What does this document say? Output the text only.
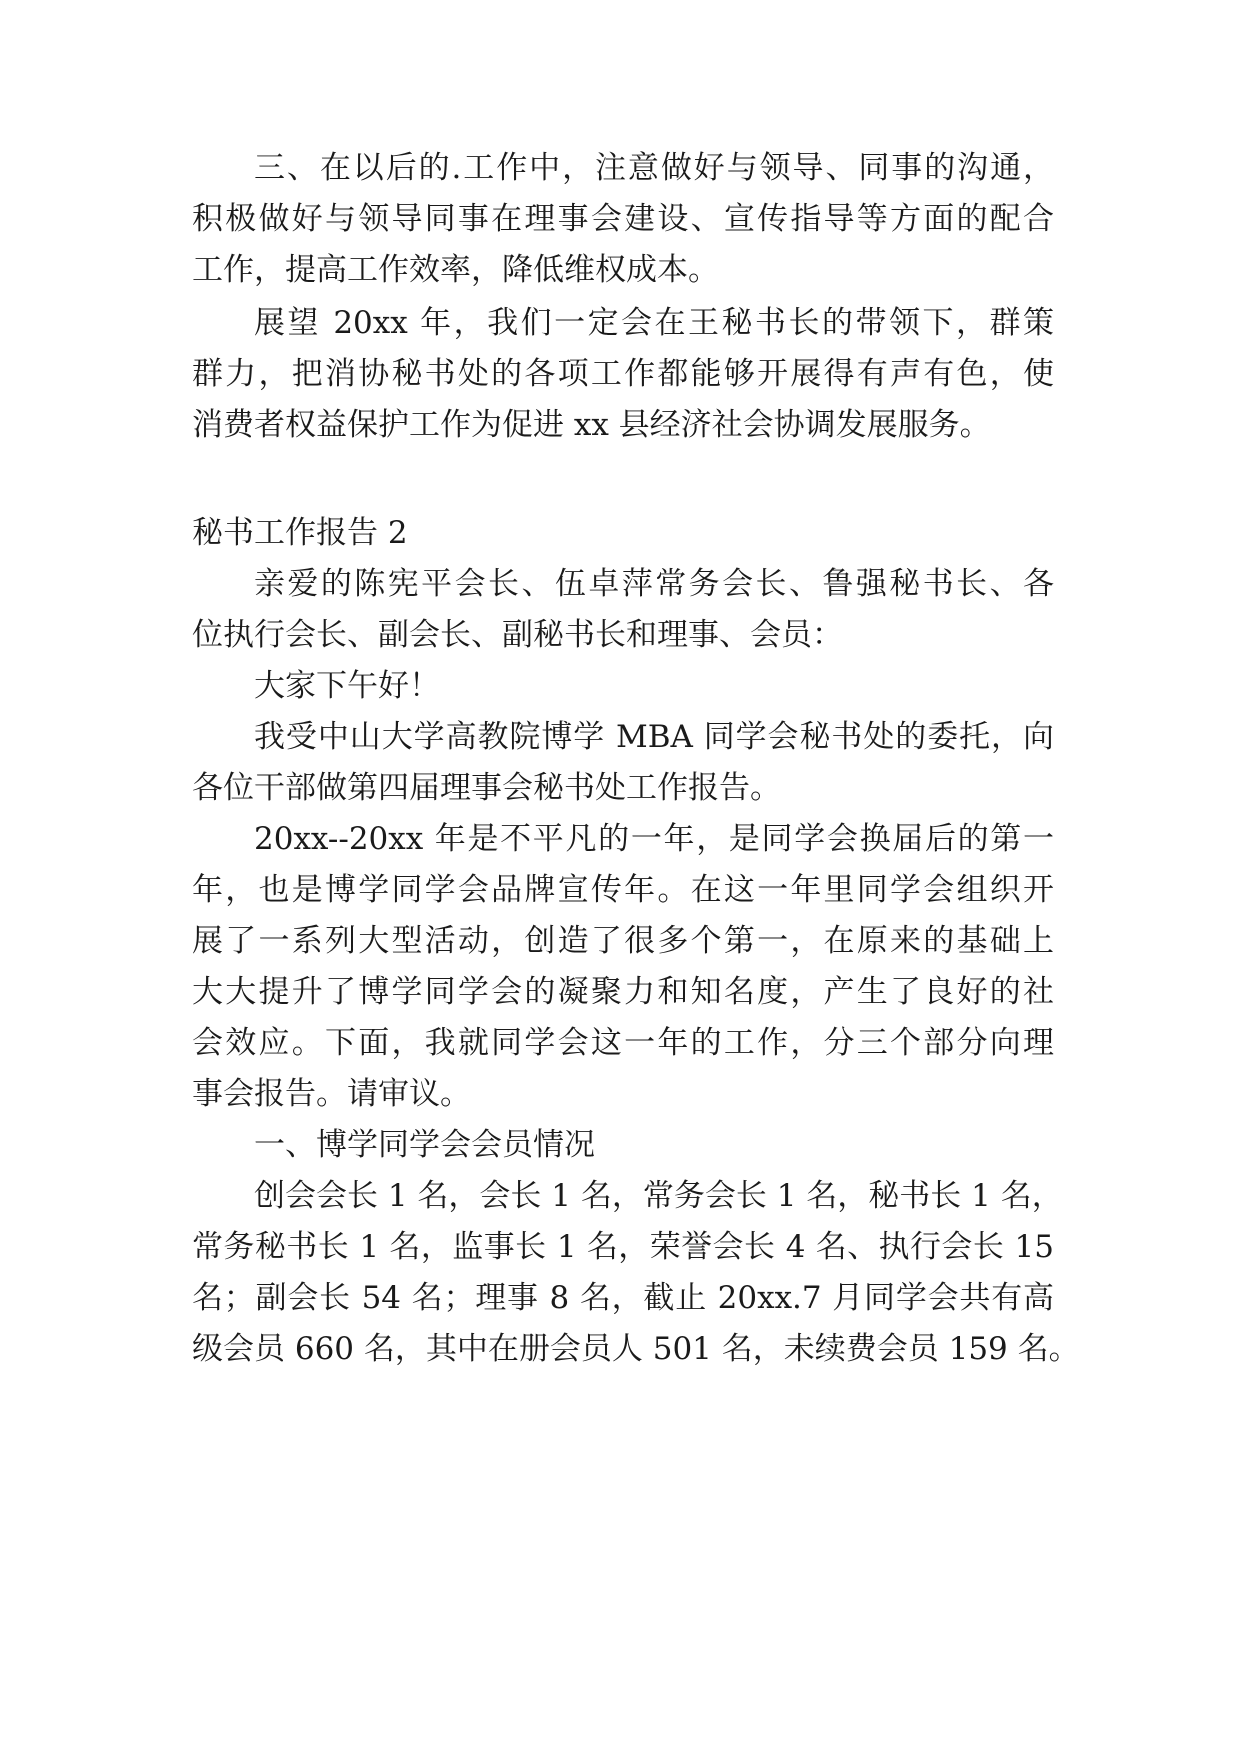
三、在以后的.工作中，注意做好与领导、同事的沟通，
积极做好与领导同事在理事会建设、宣传指导等方面的配合
工作，提高工作效率，降低维权成本。
展望 20xx 年，我们一定会在王秘书长的带领下，群策
群力，把消协秘书处的各项工作都能够开展得有声有色，使
消费者权益保护工作为促进 xx 县经济社会协调发展服务。
秘书工作报告 2
亲爱的陈宪平会长、伍卓萍常务会长、鲁强秘书长、各
位执行会长、副会长、副秘书长和理事、会员：
大家下午好！
我受中山大学高教院博学 MBA 同学会秘书处的委托，向
各位干部做第四届理事会秘书处工作报告。
20xx--20xx 年是不平凡的一年，是同学会换届后的第一
年，也是博学同学会品牌宣传年。在这一年里同学会组织开
展了一系列大型活动，创造了很多个第一，在原来的基础上
大大提升了博学同学会的凝聚力和知名度，产生了良好的社
会效应。下面，我就同学会这一年的工作，分三个部分向理
事会报告。请审议。
一、博学同学会会员情况
创会会长 1 名，会长 1 名，常务会长 1 名，秘书长 1 名，
常务秘书长 1 名，监事长 1 名，荣誉会长 4 名、执行会长 15
名；副会长 54 名；理事 8 名，截止 20xx.7 月同学会共有高
级会员 660 名，其中在册会员人 501 名，未续费会员 159 名。
